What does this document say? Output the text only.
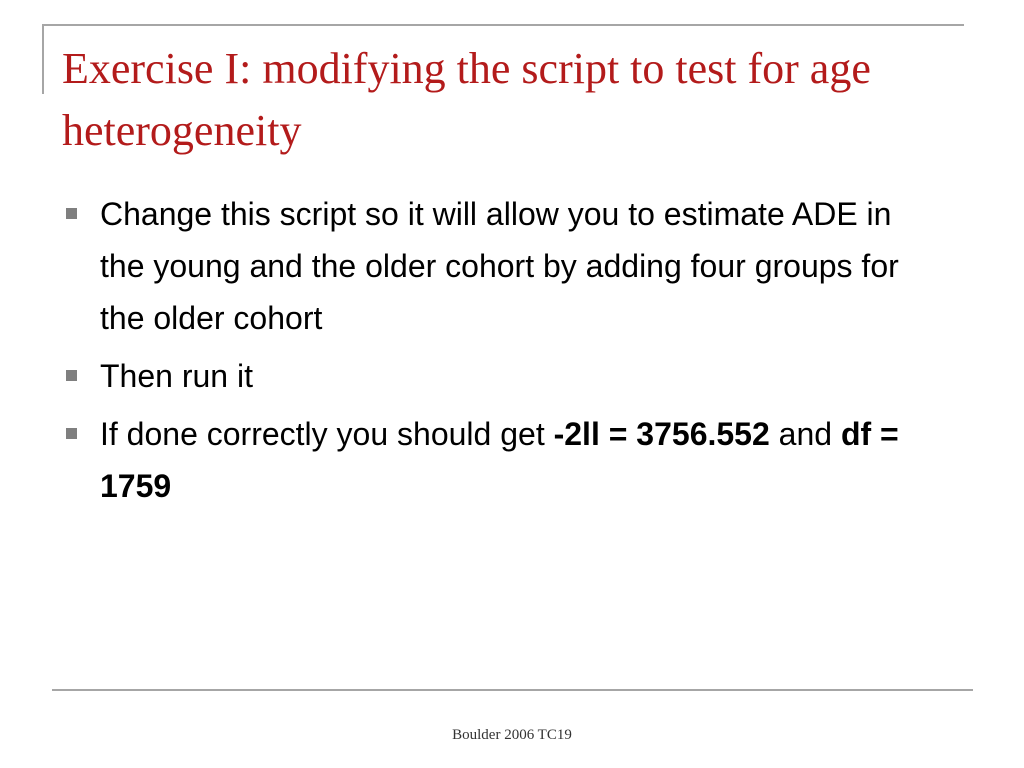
Exercise I: modifying the script to test for age heterogeneity
Change this script so it will allow you to estimate ADE in the young and the older cohort by adding four groups for the older cohort
Then run it
If done correctly you should get -2ll = 3756.552 and df = 1759
Boulder 2006 TC19
